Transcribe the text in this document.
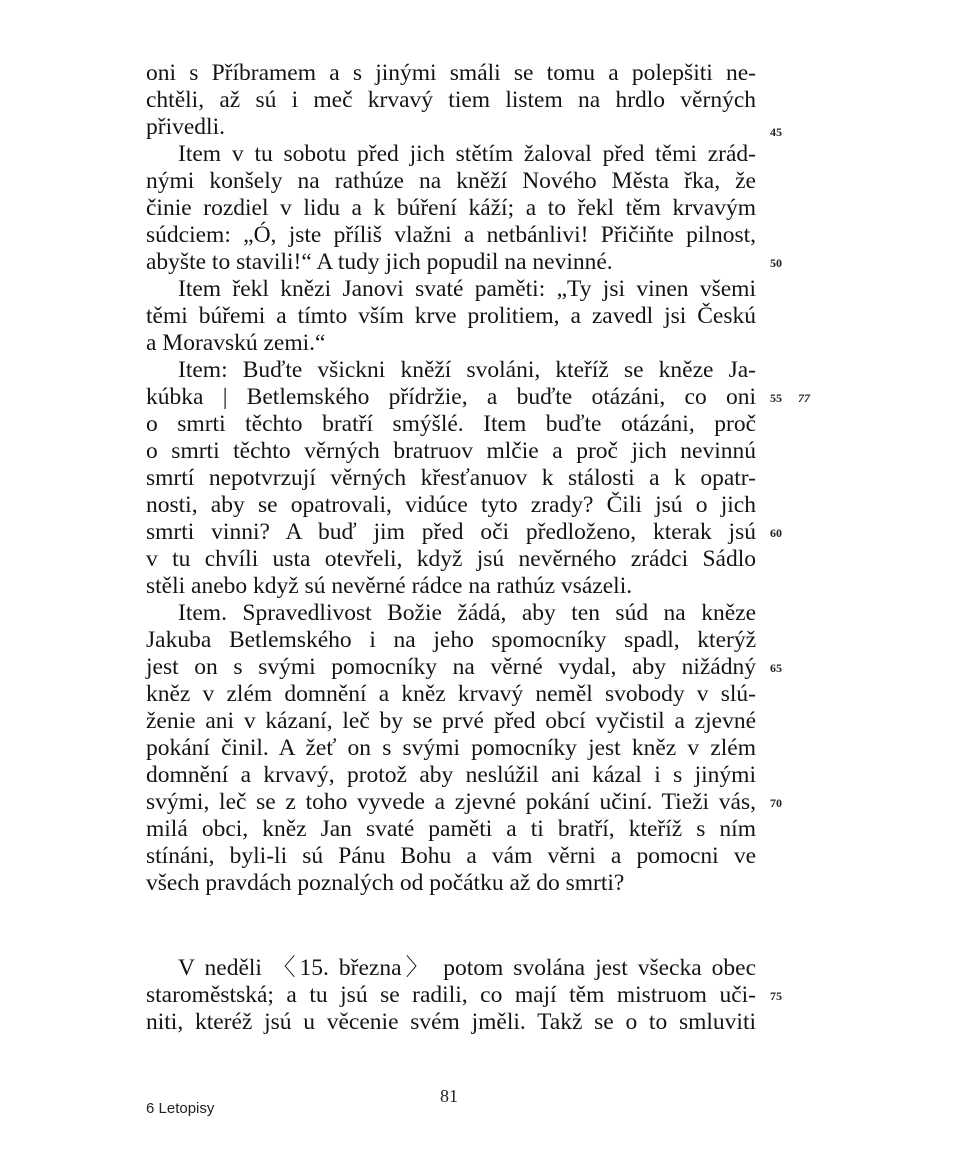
oni s Příbramem a s jinými smáli se tomu a polepšiti ne-

chtěli, až sú i meč krvavý tiem listem na hrdlo věrných

přivedli.

Item v tu sobotu před jich stětím žaloval před těmi zrád-

nými konšely na rathúze na kněží Nového Města řka, že

činie rozdiel v lidu a k búření káží; a to řekl těm krvavým

súdciem: „Ó, jste příliš vlažni a netbánlivi! Přičiňte pilnost,

abyšte to stavili!“ A tudy jich popudil na nevinné.

Item řekl knězi Janovi svaté paměti: „Ty jsi vinen všemi

těmi búřemi a tímto vším krve prolitiem, a zavedl jsi Českú

a Moravskú zemi.“

Item: Buďte všickni kněží svoláni, kteříž se kněze Ja-

kúbka | Betlemského přídržie, a buďte otázáni, co oni

o smrti těchto bratří smýšlé. Item buďte otázáni, proč

o smrti těchto věrných bratruov mlčie a proč jich nevinnú

smrtí nepotvrzují věrných křesťanuov k stálosti a k opatr-

nosti, aby se opatrovali, vidúce tyto zrady? Čili jsú o jich

smrti vinni? A buď jim před oči předloženo, kterak jsú

v tu chvíli usta otevřeli, když jsú nevěrného zrádci Sádlo

stěli anebo když sú nevěrné rádce na rathúz vsázeli.

Item. Spravedlivost Božie žádá, aby ten súd na kněze

Jakuba Betlemského i na jeho spomocníky spadl, kterýž

jest on s svými pomocníky na věrné vydal, aby nižádný

kněz v zlém domnění a kněz krvavý neměl svobody v slú-

ženie ani v kázaní, leč by se prvé před obcí vyčistil a zjevné

pokání činil. A žeť on s svými pomocníky jest kněz v zlém

domnění a krvavý, protož aby neslúžil ani kázal i s jinými

svými, leč se z toho vyvede a zjevné pokání učiní. Tieži vás,

milá obci, kněz Jan svaté paměti a ti bratří, kteříž s ním

stínáni, byli-li sú Pánu Bohu a vám věrni a pomocni ve

všech pravdách poznalých od počátku až do smrti?

V neděli 〈15. března〉 potom svolána jest všecka obec

staroměstská; a tu jsú se radili, co mají těm mistruom uči-

niti, kteréž jsú u věcenie svém jměli. Takž se o to smluviti

45
50
55 77
60
65
70
75
6 Letopisy
81
